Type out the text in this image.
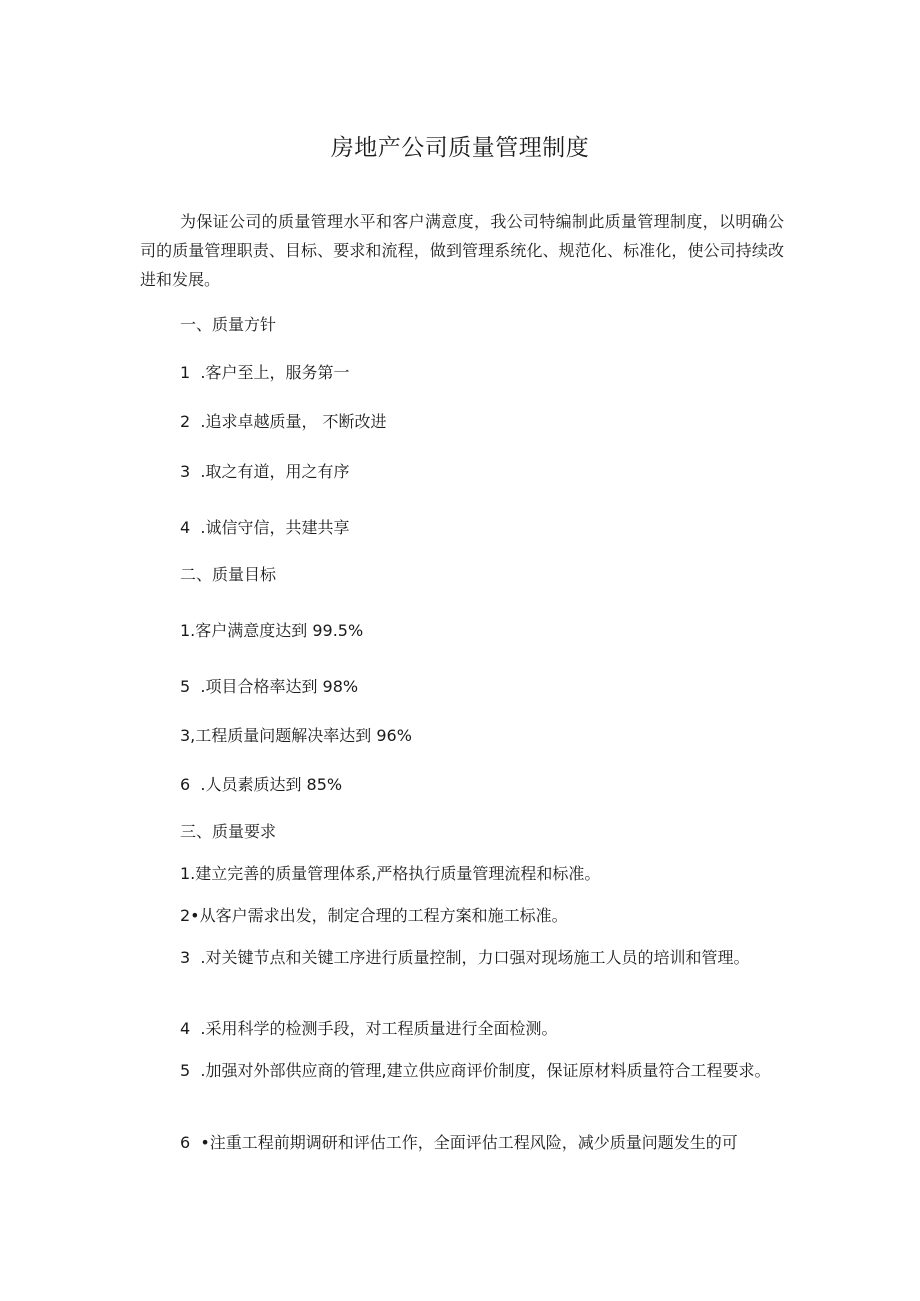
房地产公司质量管理制度
为保证公司的质量管理水平和客户满意度，我公司特编制此质量管理制度，以明确公司的质量管理职责、目标、要求和流程，做到管理系统化、规范化、标准化，使公司持续改进和发展。
一、质量方针
1  .客户至上，服务第一
2  .追求卓越质量， 不断改进
3  .取之有道，用之有序
4  .诚信守信，共建共享
二、质量目标
1.客户满意度达到 99.5%
5  .项目合格率达到 98%
3,工程质量问题解决率达到 96%
6  .人员素质达到 85%
三、质量要求
1.建立完善的质量管理体系,严格执行质量管理流程和标准。
2•从客户需求出发，制定合理的工程方案和施工标准。
3  .对关键节点和关键工序进行质量控制，力口强对现场施工人员的培训和管理。
4  .采用科学的检测手段，对工程质量进行全面检测。
5  .加强对外部供应商的管理,建立供应商评价制度，保证原材料质量符合工程要求。
6  •注重工程前期调研和评估工作，全面评估工程风险，减少质量问题发生的可
